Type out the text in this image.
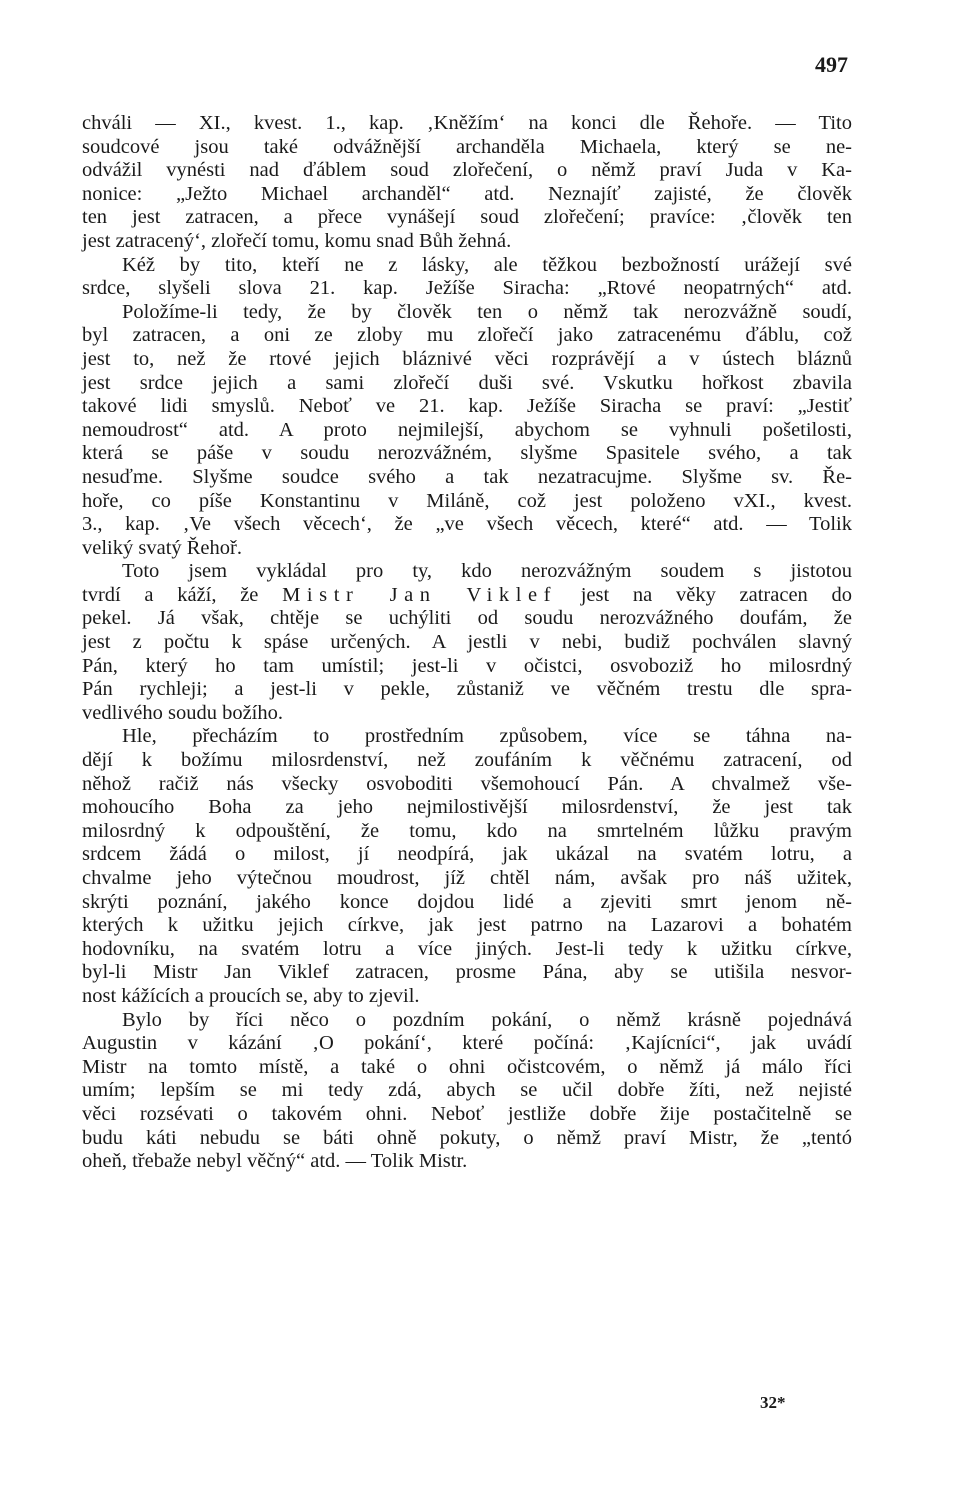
497
chváli — XI., kvest. 1., kap. ‚Kněžím‘ na konci dle Řehoře. — Tito
soudcové jsou také odvážnější archanděla Michaela, který se ne-
odvážil vynésti nad ďáblem soud zlořečení, o němž praví Juda v Ka-
nonice: „Ježto Michael archanděl“ atd. Neznajíť zajisté, že člověk
ten jest zatracen, a přece vynášejí soud zlořečení; pravíce: ‚člověk ten
jest zatracený‘, zlořečí tomu, komu snad Bůh žehná.
Kéž by tito, kteří ne z lásky, ale těžkou bezbožností urážejí své
srdce, slyšeli slova 21. kap. Ježíše Siracha: „Rtové neopatrných“ atd.
Položíme-li tedy, že by člověk ten o němž tak nerozvážně soudí,
byl zatracen, a oni ze zloby mu zlořečí jako zatracenému ďáblu, což
jest to, než že rtové jejich bláznivé věci rozprávějí a v ústech bláznů
jest srdce jejich a sami zlořečí duši své. Vskutku hořkost zbavila
takové lidi smyslů. Neboť ve 21. kap. Ježíše Siracha se praví: „Jestiť
nemoudrost“ atd. A proto nejmilejší, abychom se vyhnuli pošetilosti,
která se páše v soudu nerozvážném, slyšme Spasitele svého, a tak
nesuďme. Slyšme soudce svého a tak nezatracujme. Slyšme sv. Ře-
hoře, co píše Konstantinu v Miláně, což jest položeno vXI., kvest.
3., kap. ‚Ve všech věcech‘, že „ve všech věcech, které“ atd. — Tolik
veliký svatý Řehoř.
Toto jsem vykládal pro ty, kdo nerozvážným soudem s jistotou
tvrdí a káží, že Mistr Jan Viklef jest na věky zatracen do
pekel. Já však, chtěje se uchýliti od soudu nerozvážného doufám, že
jest z počtu k spáse určených. A jestli v nebi, budiž pochválen slavný
Pán, který ho tam umístil; jest-li v očistci, osvoboziž ho milosrdný
Pán rychleji; a jest-li v pekle, zůstaniž ve věčném trestu dle spra-
vedlivého soudu božího.
Hle, přecházím to prostředním způsobem, více se táhna na-
dějí k božímu milosrdenství, než zoufáním k věčnému zatracení, od
něhož račiž nás všecky osvoboditi všemohoucí Pán. A chvalmež vše-
mohoucího Boha za jeho nejmilostivější milosrdenství, že jest tak
milosrdný k odpouštění, že tomu, kdo na smrtelném lůžku pravým
srdcem žádá o milost, jí neodpírá, jak ukázal na svatém lotru, a
chvalme jeho výtečnou moudrost, jíž chtěl nám, avšak pro náš užitek,
skrýti poznání, jakého konce dojdou lidé a zjeviti smrt jenom ně-
kterých k užitku jejich církve, jak jest patrno na Lazarovi a bohatém
hodovníku, na svatém lotru a více jiných. Jest-li tedy k užitku církve,
byl-li Mistr Jan Viklef zatracen, prosme Pána, aby se utišila nesvor-
nost kážících a proucích se, aby to zjevil.
Bylo by říci něco o pozdním pokání, o němž krásně pojednává
Augustin v kázání ‚O pokání‘, které počíná: ‚Kajícníci“, jak uvádí
Mistr na tomto místě, a také o ohni očistcovém, o němž já málo říci
umím; lepším se mi tedy zdá, abych se učil dobře žíti, než nejisté
věci rozsévati o takovém ohni. Neboť jestliže dobře žije postačitelně se
budu káti nebudu se báti ohně pokuty, o němž praví Mistr, že „tentó
oheň, třebaže nebyl věčný“ atd. — Tolik Mistr.
32*
